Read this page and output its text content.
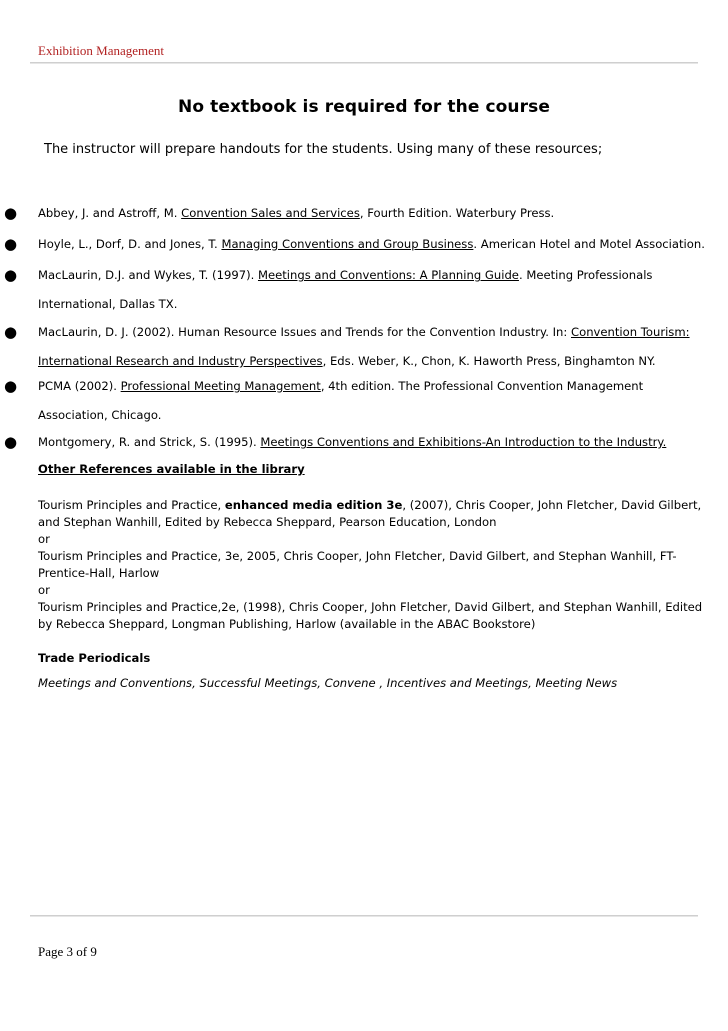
Exhibition Management
No textbook is required for the course
The instructor will prepare handouts for the students. Using many of these resources;
● Abbey, J. and Astroff, M. Convention Sales and Services, Fourth Edition. Waterbury Press.
● Hoyle, L., Dorf, D. and Jones, T. Managing Conventions and Group Business. American Hotel and Motel Association.
● MacLaurin, D.J. and Wykes, T. (1997). Meetings and Conventions: A Planning Guide. Meeting Professionals
International, Dallas TX.
● MacLaurin, D. J. (2002). Human Resource Issues and Trends for the Convention Industry. In: Convention Tourism:
International Research and Industry Perspectives, Eds. Weber, K., Chon, K. Haworth Press, Binghamton NY.
● PCMA (2002). Professional Meeting Management, 4th edition. The Professional Convention Management
Association, Chicago.
● Montgomery, R. and Strick, S. (1995). Meetings Conventions and Exhibitions-An Introduction to the Industry.
Other References available in the library
Tourism Principles and Practice, enhanced media edition 3e, (2007), Chris Cooper, John Fletcher, David Gilbert,
and Stephan Wanhill, Edited by Rebecca Sheppard, Pearson Education, London
or
Tourism Principles and Practice, 3e, 2005, Chris Cooper, John Fletcher, David Gilbert, and Stephan Wanhill, FT-
Prentice-Hall, Harlow
or
Tourism Principles and Practice,2e, (1998), Chris Cooper, John Fletcher, David Gilbert, and Stephan Wanhill, Edited
by Rebecca Sheppard, Longman Publishing, Harlow (available in the ABAC Bookstore)
Trade Periodicals
Meetings and Conventions, Successful Meetings, Convene , Incentives and Meetings, Meeting News
Page 3 of 9
